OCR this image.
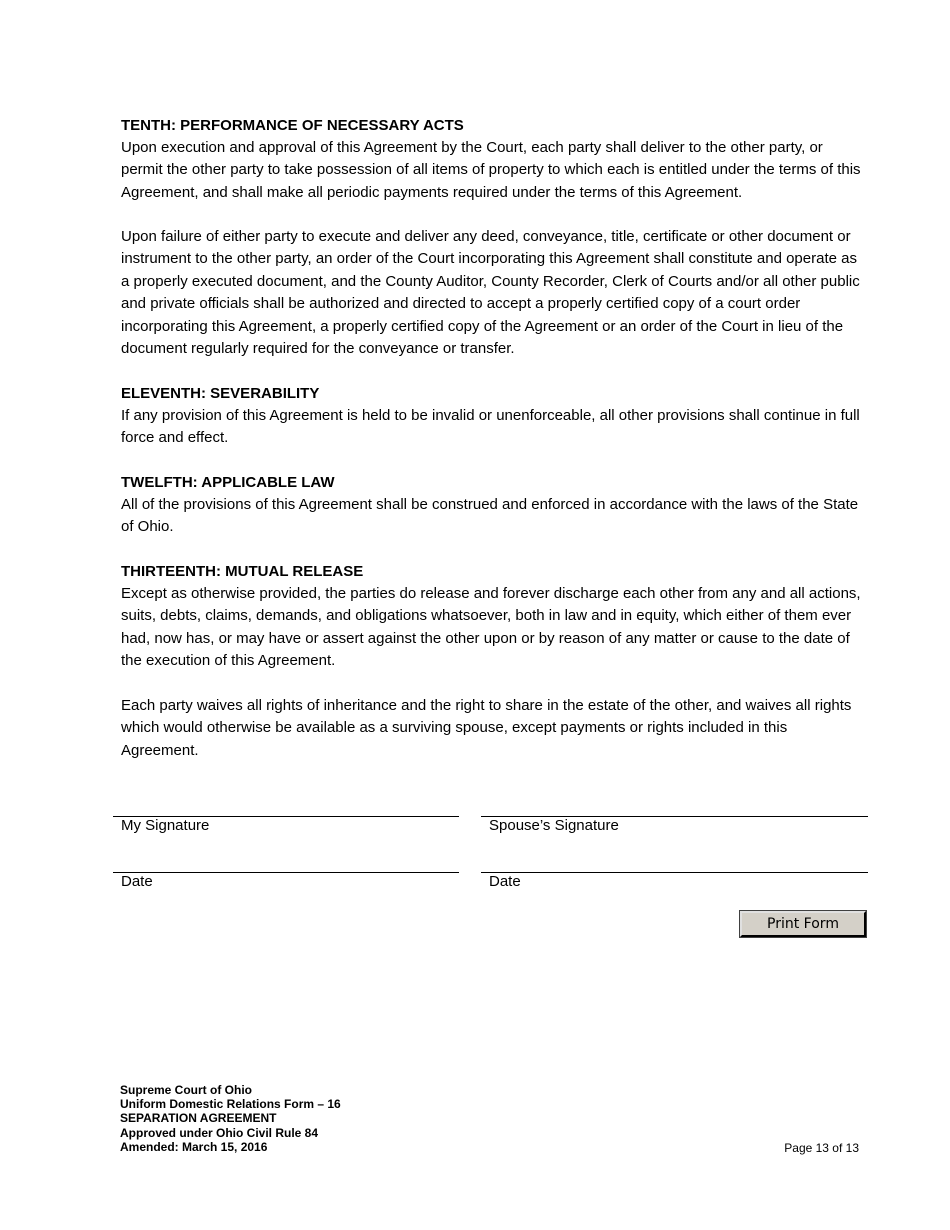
TENTH: PERFORMANCE OF NECESSARY ACTS

Upon execution and approval of this Agreement by the Court, each party shall deliver to the other party, or permit the other party to take possession of all items of property to which each is entitled under the terms of this Agreement, and shall make all periodic payments required under the terms of this Agreement.

Upon failure of either party to execute and deliver any deed, conveyance, title, certificate or other document or instrument to the other party, an order of the Court incorporating this Agreement shall constitute and operate as a properly executed document, and the County Auditor, County Recorder, Clerk of Courts and/or all other public and private officials shall be authorized and directed to accept a properly certified copy of a court order incorporating this Agreement, a properly certified copy of the Agreement or an order of the Court in lieu of the document regularly required for the conveyance or transfer.

ELEVENTH: SEVERABILITY

If any provision of this Agreement is held to be invalid or unenforceable, all other provisions shall continue in full force and effect.

TWELFTH: APPLICABLE LAW

All of the provisions of this Agreement shall be construed and enforced in accordance with the laws of the State of Ohio.

THIRTEENTH: MUTUAL RELEASE

Except as otherwise provided, the parties do release and forever discharge each other from any and all actions, suits, debts, claims, demands, and obligations whatsoever, both in law and in equity, which either of them ever had, now has, or may have or assert against the other upon or by reason of any matter or cause to the date of the execution of this Agreement.

Each party waives all rights of inheritance and the right to share in the estate of the other, and waives all rights which would otherwise be available as a surviving spouse, except payments or rights included in this Agreement.

My Signature	Spouse’s Signature
Date	Date
Print Form
Supreme Court of Ohio
Uniform Domestic Relations Form – 16
SEPARATION AGREEMENT
Approved under Ohio Civil Rule 84
Amended: March 15, 2016	Page 13 of 13
